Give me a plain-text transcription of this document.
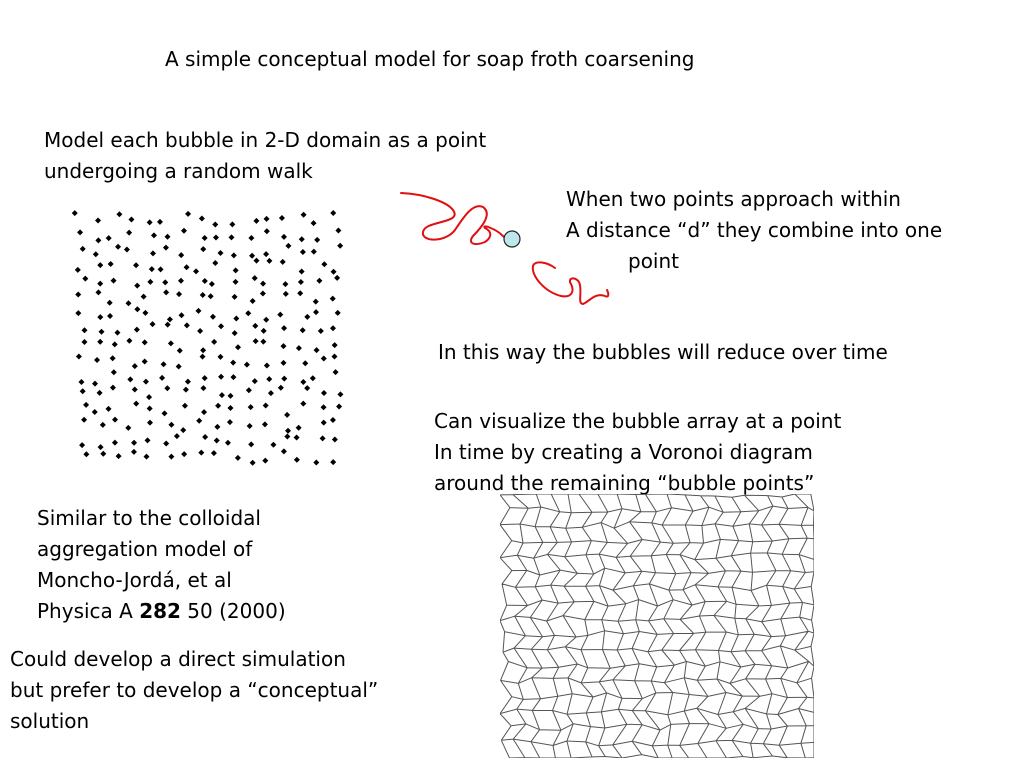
A simple conceptual model for soap froth coarsening
Model each bubble in 2-D domain as a point
undergoing a random walk
When two points approach within
A distance “d” they combine into one
point
In this way the bubbles will reduce over time
Can visualize the bubble array at a point
In time by creating a Voronoi diagram
around the remaining “bubble points”
Similar to the colloidal
aggregation model of
Moncho-Jordá, et al
Physica A 282 50 (2000)
Could develop a direct simulation
but prefer to develop a “conceptual”
solution
